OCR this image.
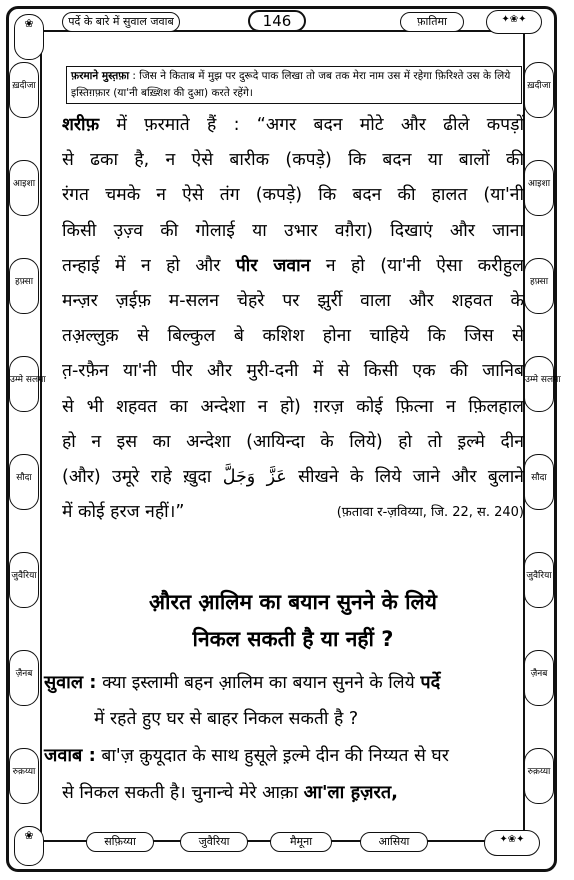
पर्दे के बारे में सुवाल जवाब	146	फ़ातिमा	✦❀✦
❀
फ़रमाने मुस्त़फ़ा : जिस ने किताब में मुझ पर दुरूदे पाक लिखा तो जब तक मेरा नाम उस में रहेगा फ़िरिश्ते उस के लिये इस्तिग़फ़ार (या'नी बख़्शिश की दुआ) करते रहेंगे।
ख़दीजा
आइशा
हफ़्सा
उम्मे सलमा
सौदा
जुवैरिया
ज़ैनब
रुक़य्या
ख़दीजा
आइशा
हफ़्सा
उम्मे सलमा
सौदा
जुवैरिया
ज़ैनब
रुक़य्या
शरीफ़ में फ़रमाते हैं : “अगर बदन मोटे और ढीले कपड़ों
से ढका है, न ऐसे बारीक (कपड़े) कि बदन या बालों की
रंगत चमके न ऐसे तंग (कपड़े) कि बदन की हालत (या'नी
किसी उ़ज़्व की गोलाई या उभार वग़ैरा) दिखाएं और जाना
तन्हाई में न हो और पीर जवान न हो (या'नी ऐसा करीहुल
मन्ज़र ज़ईफ़ म-सलन चेहरे पर झुर्री वाला और शहवत के
तअ़ल्लुक़ से बिल्कुल बे कशिश होना चाहिये कि जिस से
त़-रफ़ैन या'नी पीर और मुरी-दनी में से किसी एक की जानिब
से भी शहवत का अन्देशा न हो) ग़रज़ कोई फ़ित्ना न फ़िलहाल
हो न इस का अन्देशा (आयिन्दा के लिये) हो तो इ़ल्मे दीन
(और) उमूरे राहे ख़ुदा عَزَّ وَجَلَّ सीखने के लिये जाने और बुलाने
में कोई हरज नहीं।”	(फ़तावा र-ज़विय्या, जि. 22, स. 240)
औ़रत आ़लिम का बयान सुनने के लिये
निकल सकती है या नहीं ?
सुवाल : क्या इस्लामी बहन आ़लिम का बयान सुनने के लिये पर्दे
में रहते हुए घर से बाहर निकल सकती है ?
जवाब : बा'ज़ क़ुयूदात के साथ हुसूले इ़ल्मे दीन की निय्यत से घर
से निकल सकती है। चुनान्चे मेरे आक़ा आ'ला ह़ज़रत,
❀	सफ़िय्या	जुवैरिया	मैमूना	आसिया	✦❀✦
